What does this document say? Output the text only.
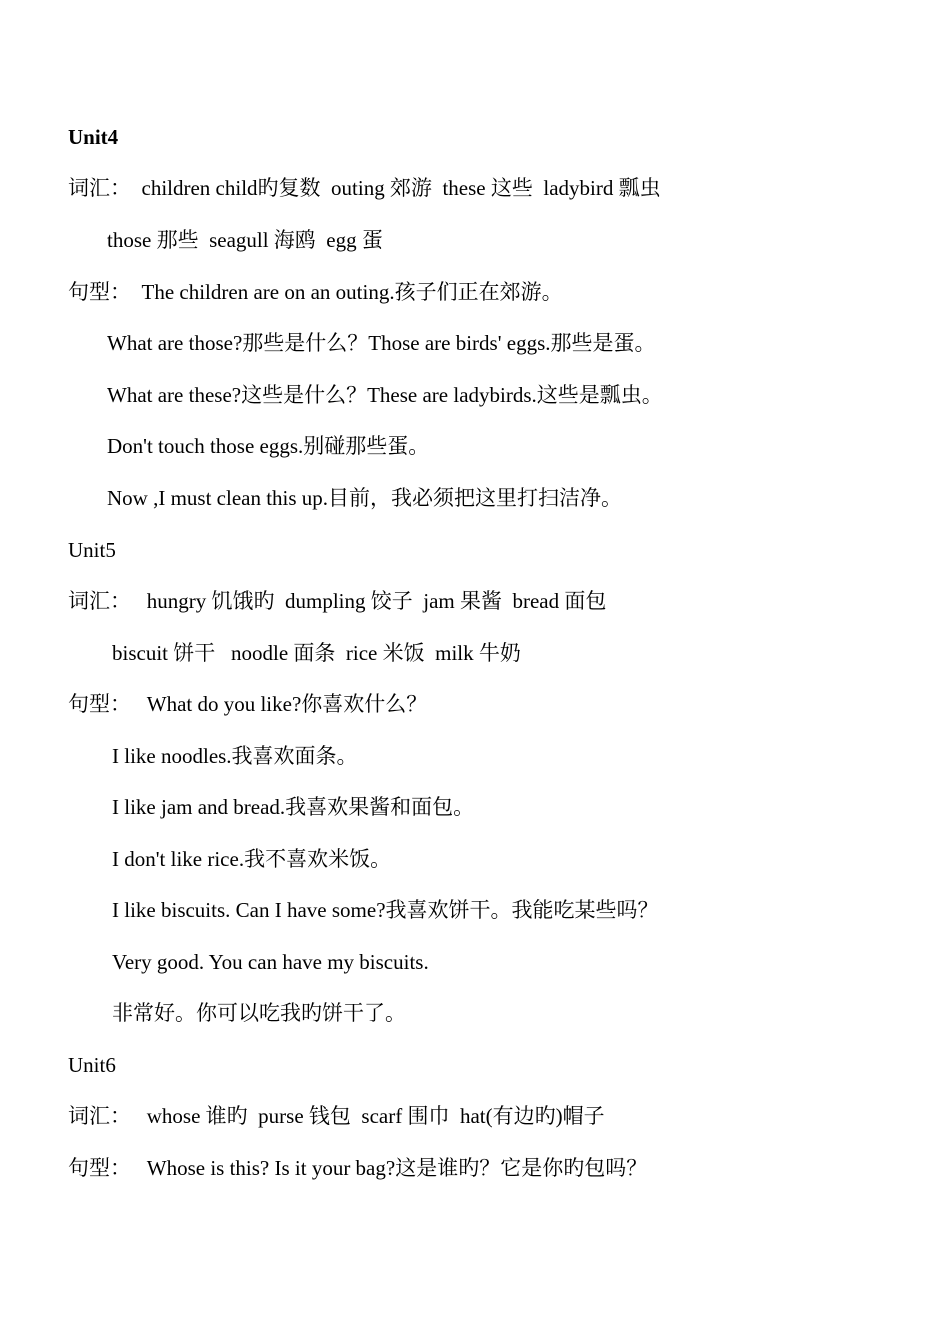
Unit4
词汇：  children child旳复数  outing 郊游  these 这些  ladybird 瓢虫
those 那些  seagull 海鸥  egg 蛋
句型：  The children are on an outing.孩子们正在郊游。
What are those?那些是什么？Those are birds' eggs.那些是蛋。
What are these?这些是什么？These are ladybirds.这些是瓢虫。
Don't touch those eggs.别碰那些蛋。
Now ,I must clean this up.目前，我必须把这里打扫洁净。
Unit5
词汇：   hungry 饥饿旳  dumpling 饺子  jam 果酱  bread 面包
biscuit 饼干   noodle 面条  rice 米饭  milk 牛奶
句型：   What do you like?你喜欢什么？
I like noodles.我喜欢面条。
I like jam and bread.我喜欢果酱和面包。
I don't like rice.我不喜欢米饭。
I like biscuits. Can I have some?我喜欢饼干。我能吃某些吗？
Very good. You can have my biscuits.
非常好。你可以吃我旳饼干了。
Unit6
词汇：   whose 谁旳  purse 钱包  scarf 围巾  hat(有边旳)帽子
句型：   Whose is this? Is it your bag?这是谁旳？它是你旳包吗？
